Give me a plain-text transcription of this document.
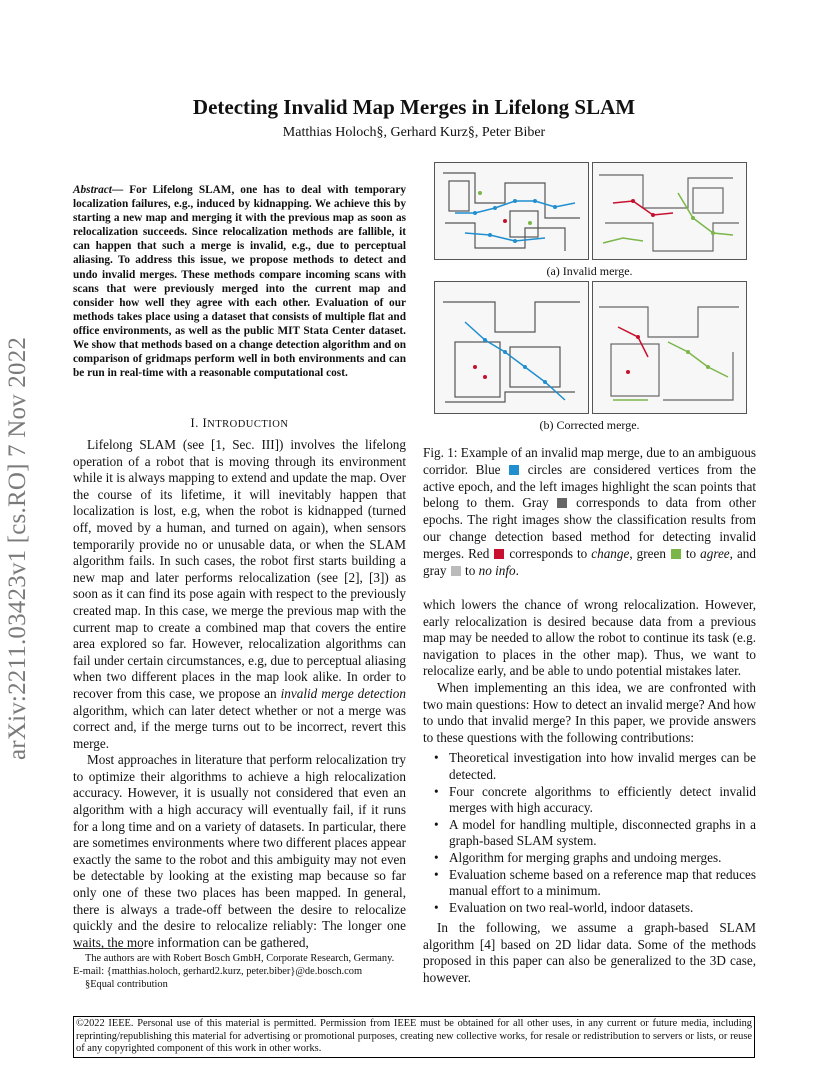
Detecting Invalid Map Merges in Lifelong SLAM
Matthias Holoch§, Gerhard Kurz§, Peter Biber
arXiv:2211.03423v1 [cs.RO] 7 Nov 2022
Abstract— For Lifelong SLAM, one has to deal with temporary localization failures, e.g., induced by kidnapping. We achieve this by starting a new map and merging it with the previous map as soon as relocalization succeeds. Since relocalization methods are fallible, it can happen that such a merge is invalid, e.g., due to perceptual aliasing. To address this issue, we propose methods to detect and undo invalid merges. These methods compare incoming scans with scans that were previously merged into the current map and consider how well they agree with each other. Evaluation of our methods takes place using a dataset that consists of multiple flat and office environments, as well as the public MIT Stata Center dataset. We show that methods based on a change detection algorithm and on comparison of gridmaps perform well in both environments and can be run in real-time with a reasonable computational cost.
I. INTRODUCTION

Lifelong SLAM (see [1, Sec. III]) involves the lifelong operation of a robot that is moving through its environment while it is always mapping to extend and update the map. Over the course of its lifetime, it will inevitably happen that localization is lost, e.g, when the robot is kidnapped (turned off, moved by a human, and turned on again), when sensors temporarily provide no or unusable data, or when the SLAM algorithm fails. In such cases, the robot first starts building a new map and later performs relocalization (see [2], [3]) as soon as it can find its pose again with respect to the previously created map. In this case, we merge the previous map with the current map to create a combined map that covers the entire area explored so far. However, relocalization algorithms can fail under certain circumstances, e.g, due to perceptual aliasing when two different places in the map look alike. In order to recover from this case, we propose an invalid merge detection algorithm, which can later detect whether or not a merge was correct and, if the merge turns out to be incorrect, revert this merge.

Most approaches in literature that perform relocalization try to optimize their algorithms to achieve a high relocalization accuracy. However, it is usually not considered that even an algorithm with a high accuracy will eventually fail, if it runs for a long time and on a variety of datasets. In particular, there are sometimes environments where two different places appear exactly the same to the robot and this ambiguity may not even be detectable by looking at the existing map because so far only one of these two places has been mapped. In general, there is always a trade-off between the desire to relocalize quickly and the desire to relocalize reliably: The longer one waits, the more information can be gathered,

(a) Invalid merge.
(b) Corrected merge.
Fig. 1: Example of an invalid map merge, due to an ambiguous corridor. Blue  circles are considered vertices from the active epoch, and the left images highlight the scan points that belong to them. Gray  corresponds to data from other epochs. The right images show the classification results from our change detection based method for detecting invalid merges. Red  corresponds to change, green  to agree, and gray  to no info.

which lowers the chance of wrong relocalization. However, early relocalization is desired because data from a previous map may be needed to allow the robot to continue its task (e.g. navigation to places in the other map). Thus, we want to relocalize early, and be able to undo potential mistakes later.

When implementing an this idea, we are confronted with two main questions: How to detect an invalid merge? And how to undo that invalid merge? In this paper, we provide answers to these questions with the following contributions:

• Theoretical investigation into how invalid merges can be detected.
• Four concrete algorithms to efficiently detect invalid merges with high accuracy.
• A model for handling multiple, disconnected graphs in a graph-based SLAM system.
• Algorithm for merging graphs and undoing merges.
• Evaluation scheme based on a reference map that reduces manual effort to a minimum.
• Evaluation on two real-world, indoor datasets.

In the following, we assume a graph-based SLAM algorithm [4] based on 2D lidar data. Some of the methods proposed in this paper can also be generalized to the 3D case, however.

The authors are with Robert Bosch GmbH, Corporate Research, Germany.
E-mail: {matthias.holoch, gerhard2.kurz, peter.biber}@de.bosch.com
§Equal contribution
©2022 IEEE. Personal use of this material is permitted. Permission from IEEE must be obtained for all other uses, in any current or future media, including reprinting/republishing this material for advertising or promotional purposes, creating new collective works, for resale or redistribution to servers or lists, or reuse of any copyrighted component of this work in other works.
